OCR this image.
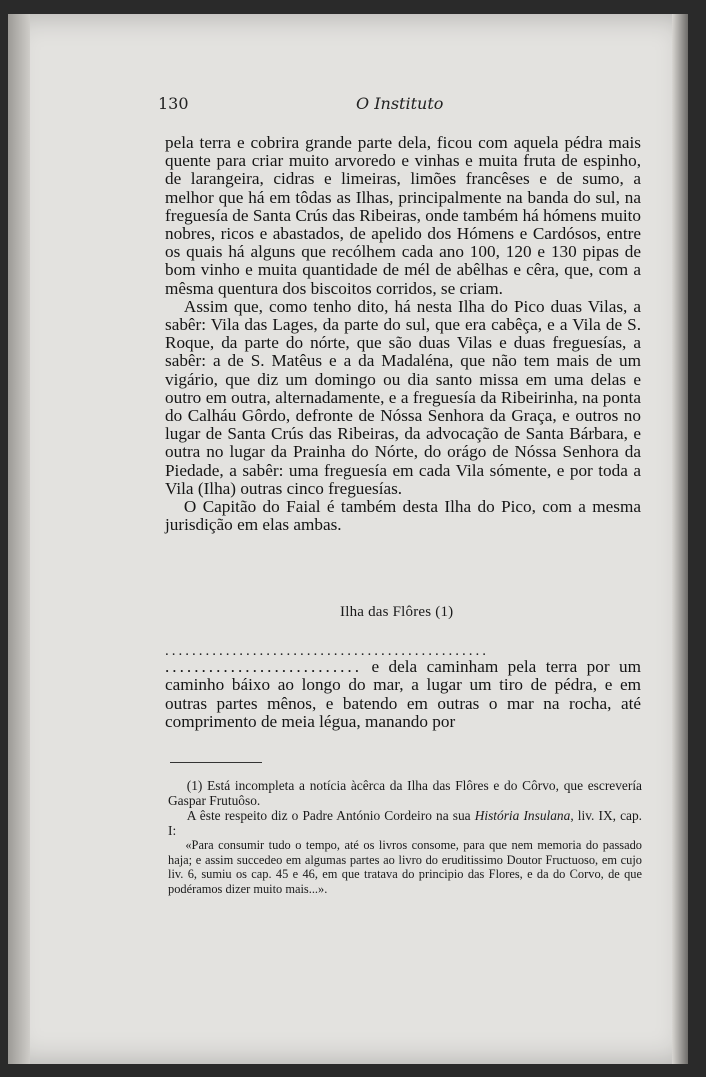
130	O Instituto

pela terra e cobrira grande parte dela, ficou com aquela pédra mais quente para criar muito arvoredo e vinhas e muita fruta de espinho, de larangeira, cidras e limeiras, limões francêses e de sumo, a melhor que há em tôdas as Ilhas, principalmente na banda do sul, na freguesía de Santa Crús das Ribeiras, onde também há hómens muito nobres, ricos e abastados, de apelido dos Hómens e Cardósos, entre os quais há alguns que recólhem cada ano 100, 120 e 130 pipas de bom vinho e muita quantidade de mél de abêlhas e cêra, que, com a mêsma quentura dos biscoitos corridos, se criam.

Assim que, como tenho dito, há nesta Ilha do Pico duas Vilas, a sabêr: Vila das Lages, da parte do sul, que era cabêça, e a Vila de S. Roque, da parte do nórte, que são duas Vilas e duas freguesías, a sabêr: a de S. Matêus e a da Madaléna, que não tem mais de um vigário, que diz um domingo ou dia santo missa em uma delas e outro em outra, alternadamente, e a freguesía da Ribeirinha, na ponta do Calháu Gôrdo, defronte de Nóssa Senhora da Graça, e outros no lugar de Santa Crús das Ribeiras, da advocação de Santa Bárbara, e outra no lugar da Prainha do Nórte, do orágo de Nóssa Senhora da Piedade, a sabêr: uma freguesía em cada Vila sómente, e por toda a Vila (Ilha) outras cinco freguesías.

O Capitão do Faial é também desta Ilha do Pico, com a mesma jurisdição em elas ambas.

Ilha das Flôres (1)
................................................

........................... e dela caminham pela terra por um caminho báixo ao longo do mar, a lugar um tiro de pédra, e em outras partes mênos, e batendo em outras o mar na rocha, até comprimento de meia légua, manando por

(1) Está incompleta a notícia àcêrca da Ilha das Flôres e do Côrvo, que escrevería Gaspar Frutuôso.

A êste respeito diz o Padre António Cordeiro na sua História Insulana, liv. IX, cap. I:

«Para consumir tudo o tempo, até os livros consome, para que nem memoria do passado haja; e assim succedeo em algumas partes ao livro do eruditissimo Doutor Fructuoso, em cujo liv. 6, sumiu os cap. 45 e 46, em que tratava do principio das Flores, e da do Corvo, de que podéramos dizer muito mais...».
